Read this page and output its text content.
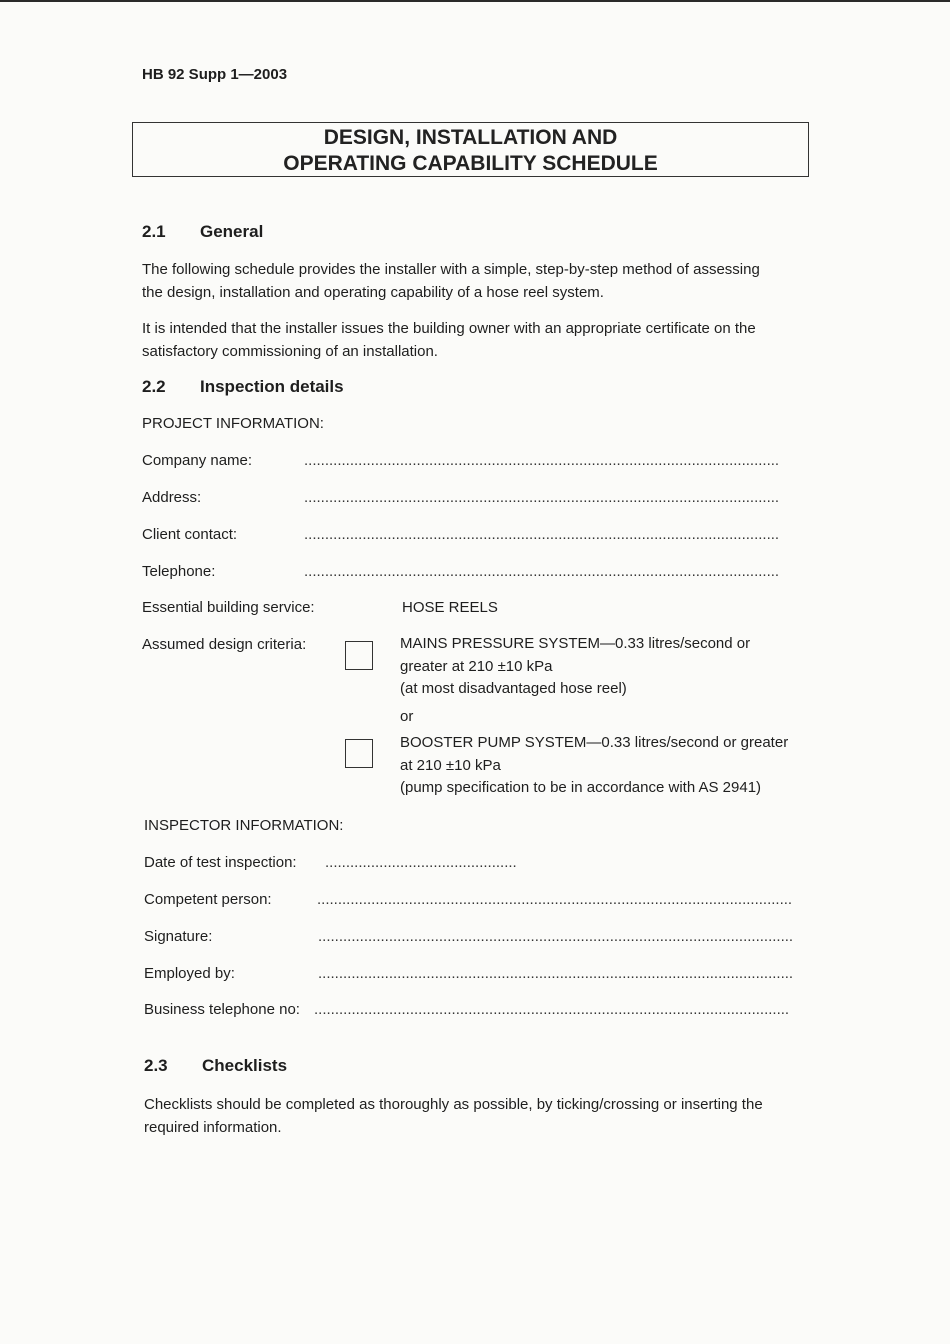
HB 92 Supp 1—2003
DESIGN, INSTALLATION AND
OPERATING CAPABILITY SCHEDULE
2.1 General
The following schedule provides the installer with a simple, step-by-step method of assessing
the design, installation and operating capability of a hose reel system.
It is intended that the installer issues the building owner with an appropriate certificate on the
satisfactory commissioning of an installation.
2.2 Inspection details
PROJECT INFORMATION:
Company name:	..................................................................................................................
Address:	..................................................................................................................
Client contact:	..................................................................................................................
Telephone:	..................................................................................................................
Essential building service:	HOSE REELS
Assumed design criteria:	MAINS PRESSURE SYSTEM—0.33 litres/second or
greater at 210 ±10 kPa
(at most disadvantaged hose reel)
or
BOOSTER PUMP SYSTEM—0.33 litres/second or greater
at 210 ±10 kPa
(pump specification to be in accordance with AS 2941)
INSPECTOR INFORMATION:
Date of test inspection: ..............................................
Competent person:	..................................................................................................................
Signature:	..................................................................................................................
Employed by:	..................................................................................................................
Business telephone no: ..................................................................................................................
2.3 Checklists
Checklists should be completed as thoroughly as possible, by ticking/crossing or inserting the
required information.
